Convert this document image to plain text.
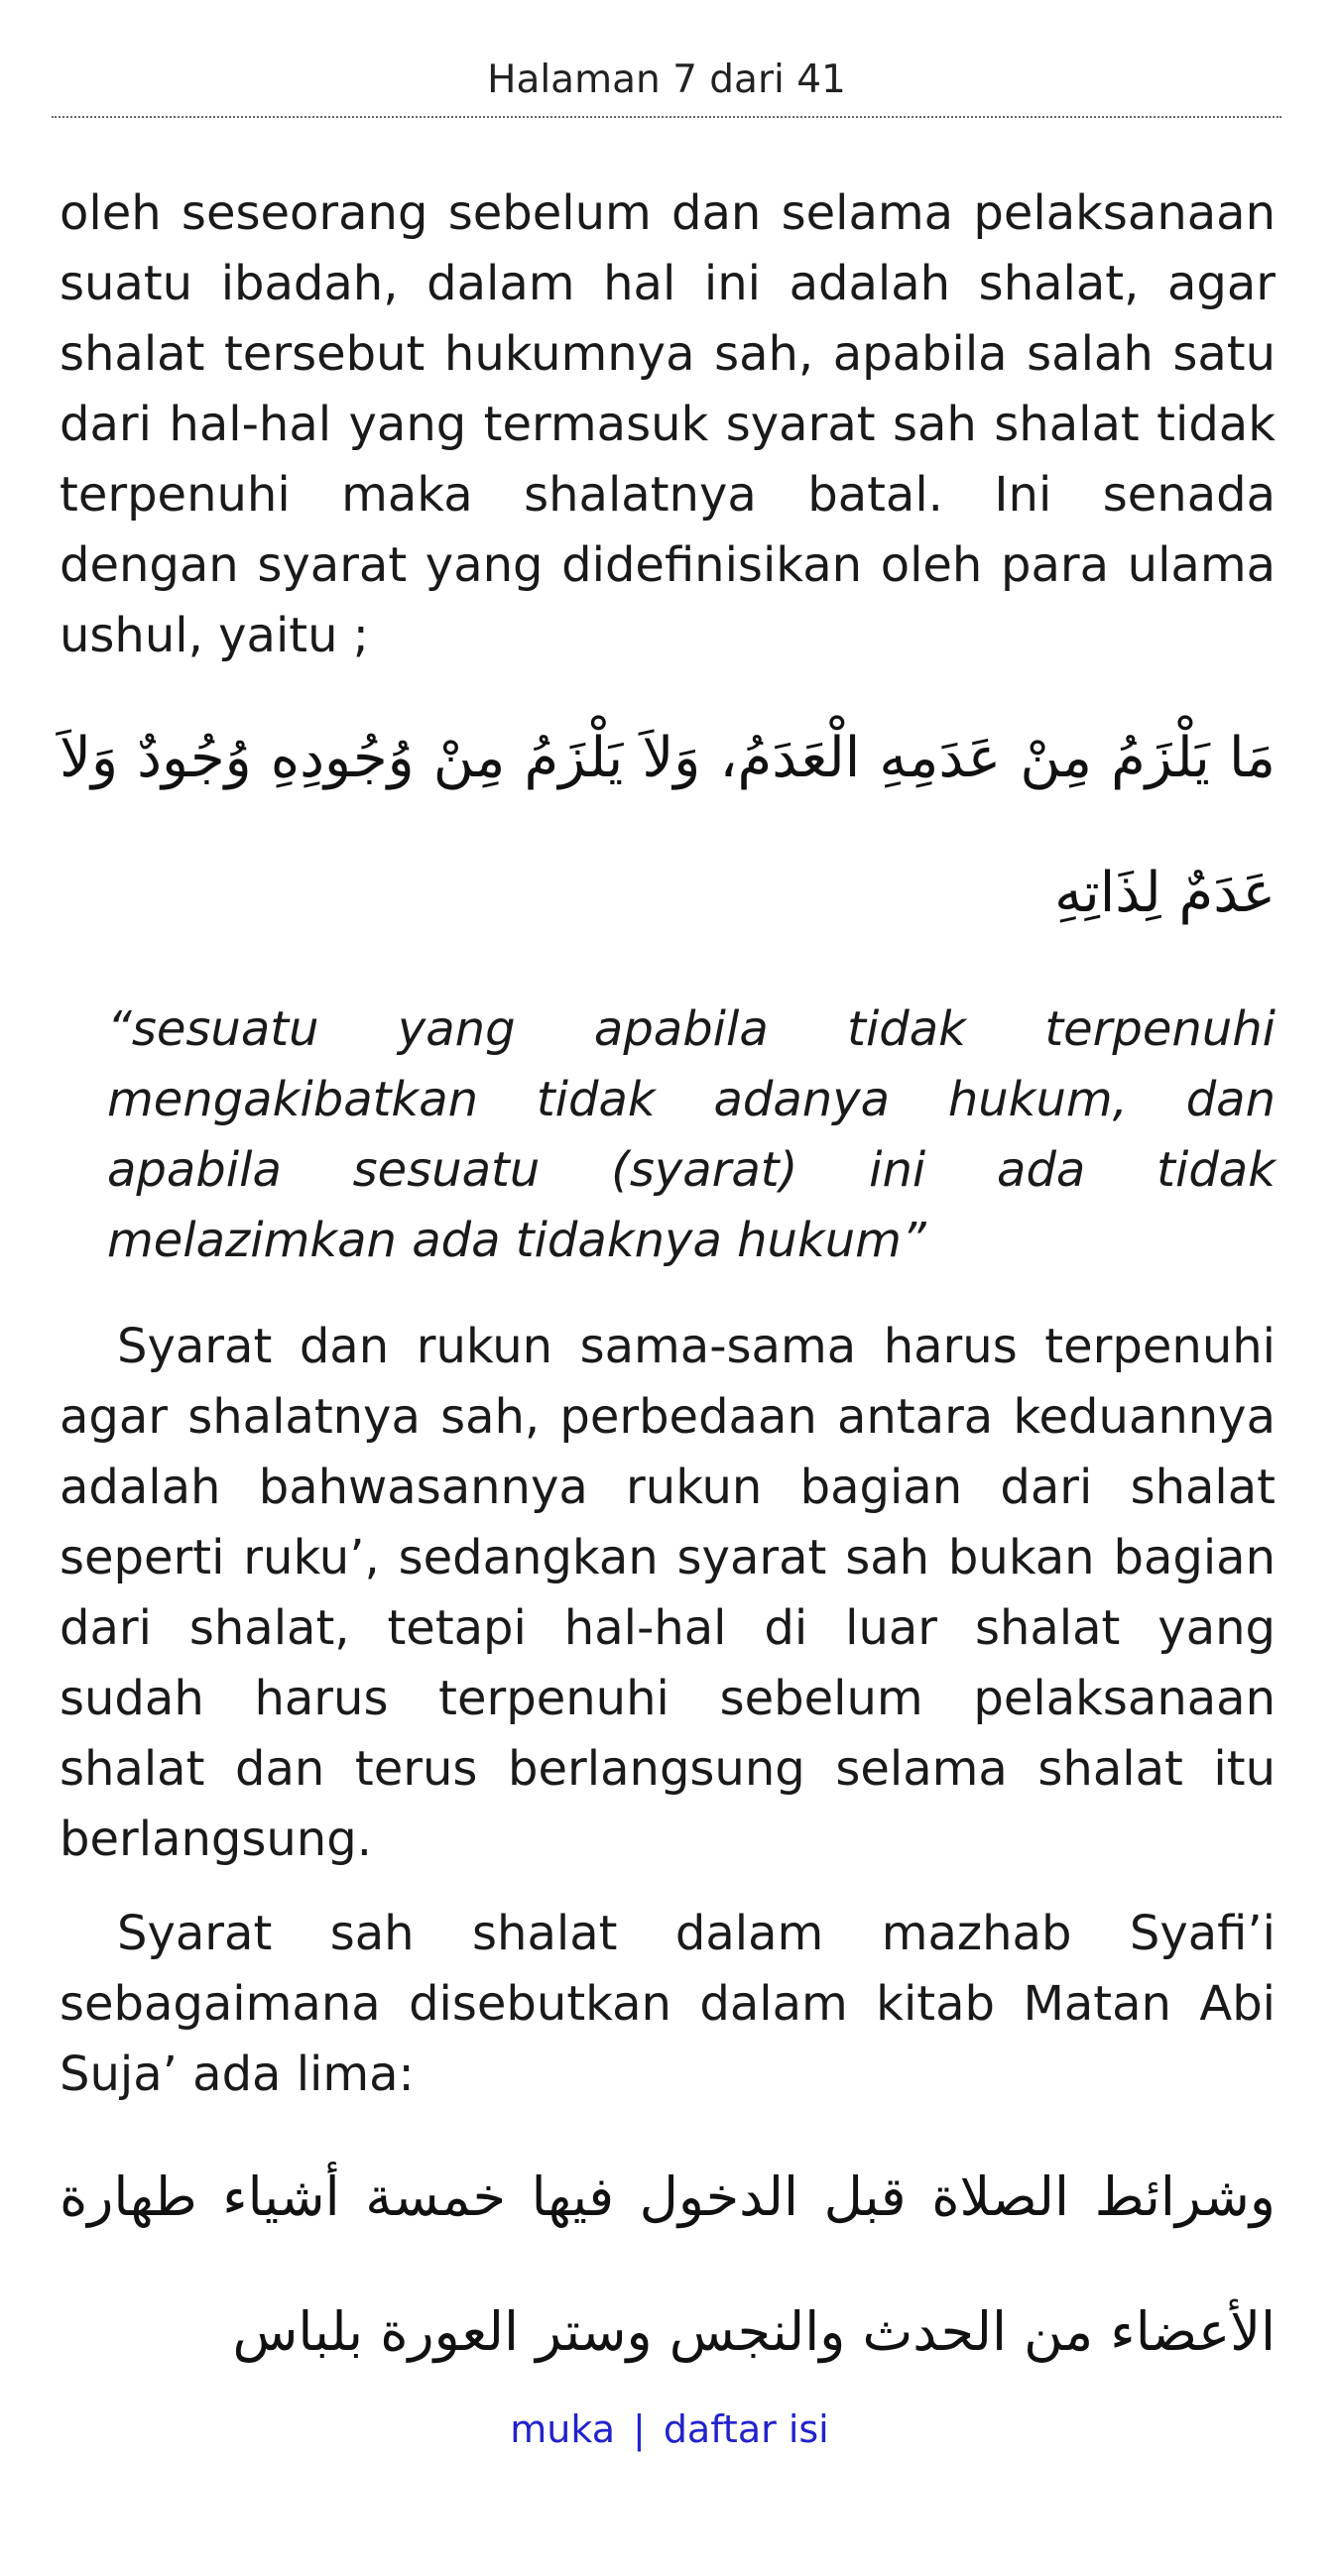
Halaman 7 dari 41

oleh seseorang sebelum dan selama pelaksanaan suatu ibadah, dalam hal ini adalah shalat, agar shalat tersebut hukumnya sah, apabila salah satu dari hal-hal yang termasuk syarat sah shalat tidak terpenuhi maka shalatnya batal. Ini senada dengan syarat yang didefinisikan oleh para ulama ushul, yaitu ;

مَا يَلْزَمُ مِنْ عَدَمِهِ الْعَدَمُ، وَلاَ يَلْزَمُ مِنْ وُجُودِهِ وُجُودٌ وَلاَ عَدَمٌ لِذَاتِهِ

“sesuatu yang apabila tidak terpenuhi mengakibatkan tidak adanya hukum, dan apabila sesuatu (syarat) ini ada tidak melazimkan ada tidaknya hukum”

Syarat dan rukun sama-sama harus terpenuhi agar shalatnya sah, perbedaan antara keduannya adalah bahwasannya rukun bagian dari shalat seperti ruku’, sedangkan syarat sah bukan bagian dari shalat, tetapi hal-hal di luar shalat yang sudah harus terpenuhi sebelum pelaksanaan shalat dan terus berlangsung selama shalat itu berlangsung.

Syarat sah shalat dalam mazhab Syafi’i sebagaimana disebutkan dalam kitab Matan Abi Suja’ ada lima:

وشرائط الصلاة قبل الدخول فيها خمسة أشياء طهارة الأعضاء من الحدث والنجس وستر العورة بلباس

muka | daftar isi
